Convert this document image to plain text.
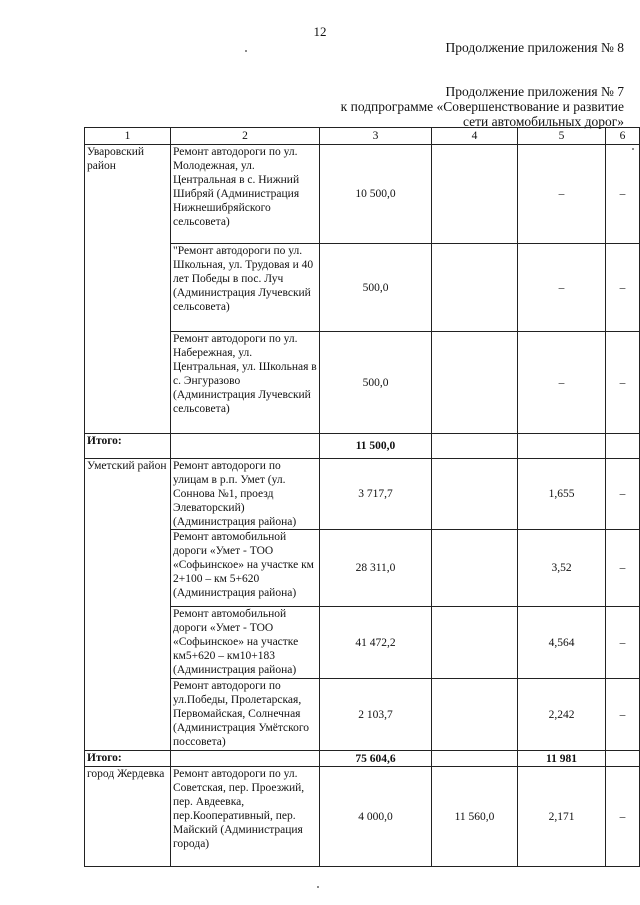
12
Продолжение приложения № 8
Продолжение приложения № 7
к подпрограмме «Совершенствование и развитие
сети автомобильных дорог»
1	2	3	4	5	6
Уваровский район	Ремонт автодороги по ул. Молодежная, ул. Центральная в с. Нижний Шибряй (Администрация Нижнешибряйского сельсовета)	10 500,0		–	–
	"Ремонт автодороги по ул. Школьная, ул. Трудовая и 40 лет Победы в пос. Луч (Администрация Лучевский сельсовета)	500,0		–	–
	Ремонт автодороги по ул. Набережная, ул. Центральная, ул. Школьная в с. Энгуразово (Администрация Лучевский сельсовета)	500,0		–	–
Итого:		11 500,0			
Уметский район	Ремонт автодороги по улицам в р.п. Умет (ул. Соннова №1, проезд Элеваторский) (Администрация района)	3 717,7		1,655	–
	Ремонт автомобильной дороги «Умет - ТОО «Софьинское» на участке км 2+100 – км 5+620 (Администрация района)	28 311,0		3,52	–
	Ремонт автомобильной дороги «Умет - ТОО «Софьинское» на участке км5+620 – км10+183 (Администрация района)	41 472,2		4,564	–
	Ремонт автодороги по ул.Победы, Пролетарская, Первомайская, Солнечная (Администрация Умётского поссовета)	2 103,7		2,242	–
Итого:		75 604,6		11 981	
город Жердевка	Ремонт автодороги по ул. Советская, пер. Проезжий, пер. Авдеевка, пер.Кооперативный, пер. Майский (Администрация города)	4 000,0	11 560,0	2,171	–
